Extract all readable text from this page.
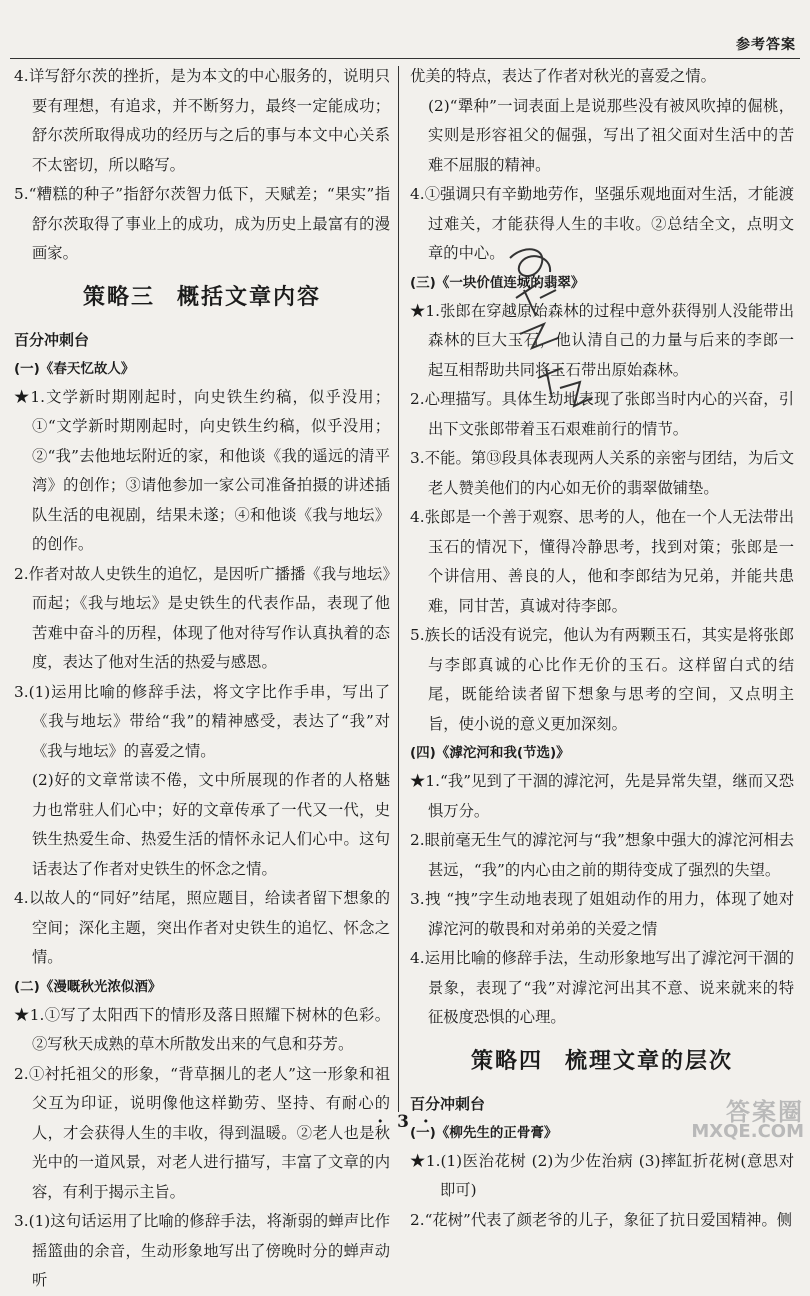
参考答案
4.详写舒尔茨的挫折，是为本文的中心服务的，说明只要有理想，有追求，并不断努力，最终一定能成功；舒尔茨所取得成功的经历与之后的事与本文中心关系不太密切，所以略写。
5.“糟糕的种子”指舒尔茨智力低下，天赋差；“果实”指舒尔茨取得了事业上的成功，成为历史上最富有的漫画家。
策略三 概括文章内容
百分冲刺台
(一)《春天忆故人》
★1.文学新时期刚起时，向史铁生约稿，似乎没用；①“文学新时期刚起时，向史铁生约稿，似乎没用；②“我”去他地坛附近的家，和他谈《我的遥远的清平湾》的创作；③请他参加一家公司准备拍摄的讲述插队生活的电视剧，结果未遂；④和他谈《我与地坛》的创作。
2.作者对故人史铁生的追忆，是因听广播播《我与地坛》而起；《我与地坛》是史铁生的代表作品，表现了他苦难中奋斗的历程，体现了他对待写作认真执着的态度，表达了他对生活的热爱与感恩。
3.(1)运用比喻的修辞手法，将文字比作手串，写出了《我与地坛》带给“我”的精神感受，表达了“我”对《我与地坛》的喜爱之情。
(2)好的文章常读不倦，文中所展现的作者的人格魅力也常驻人们心中；好的文章传承了一代又一代，史铁生热爱生命、热爱生活的情怀永记人们心中。这句话表达了作者对史铁生的怀念之情。
4.以故人的“同好”结尾，照应题目，给读者留下想象的空间；深化主题，突出作者对史铁生的追忆、怀念之情。
(二)《漫嘅秋光浓似酒》
★1.①写了太阳西下的情形及落日照耀下树林的色彩。②写秋天成熟的草木所散发出来的气息和芬芳。
2.①衬托祖父的形象，“背草捆儿的老人”这一形象和祖父互为印证，说明像他这样勤劳、坚持、有耐心的人，才会获得人生的丰收，得到温暖。②老人也是秋光中的一道风景，对老人进行描写，丰富了文章的内容，有利于揭示主旨。
3.(1)这句话运用了比喻的修辞手法，将渐弱的蝉声比作摇篮曲的余音，生动形象地写出了傍晚时分的蝉声动听
优美的特点，表达了作者对秋光的喜爱之情。
(2)“犟种”一词表面上是说那些没有被风吹掉的倔桃，实则是形容祖父的倔强，写出了祖父面对生活中的苦难不屈服的精神。
4.①强调只有辛勤地劳作，坚强乐观地面对生活，才能渡过难关，才能获得人生的丰收。②总结全文，点明文章的中心。
(三)《一块价值连城的翡翠》
★1.张郎在穿越原始森林的过程中意外获得别人没能带出森林的巨大玉石，他认清自己的力量与后来的李郎一起互相帮助共同将玉石带出原始森林。
2.心理描写。具体生动地表现了张郎当时内心的兴奋，引出下文张郎带着玉石艰难前行的情节。
3.不能。第⑬段具体表现两人关系的亲密与团结，为后文老人赞美他们的内心如无价的翡翠做铺垫。
4.张郎是一个善于观察、思考的人，他在一个人无法带出玉石的情况下，懂得冷静思考，找到对策；张郎是一个讲信用、善良的人，他和李郎结为兄弟，并能共患难，同甘苦，真诚对待李郎。
5.族长的话没有说完，他认为有两颗玉石，其实是将张郎与李郎真诚的心比作无价的玉石。这样留白式的结尾，既能给读者留下想象与思考的空间，又点明主旨，使小说的意义更加深刻。
(四)《滹沱河和我(节选)》
★1.“我”见到了干涸的滹沱河，先是异常失望，继而又恐惧万分。
2.眼前毫无生气的滹沱河与“我”想象中强大的滹沱河相去甚远，“我”的内心由之前的期待变成了强烈的失望。
3.拽 “拽”字生动地表现了姐姐动作的用力，体现了她对滹沱河的敬畏和对弟弟的关爱之情
4.运用比喻的修辞手法，生动形象地写出了滹沱河干涸的景象，表现了“我”对滹沱河出其不意、说来就来的特征极度恐惧的心理。
策略四 梳理文章的层次
百分冲刺台
(一)《柳先生的正骨膏》
★1.(1)医治花树 (2)为少佐治病 (3)摔缸折花树(意思对即可)
2.“花树”代表了颜老爷的儿子，象征了抗日爱国精神。侧
· 3 ·	答案圈
MXQE.COM
